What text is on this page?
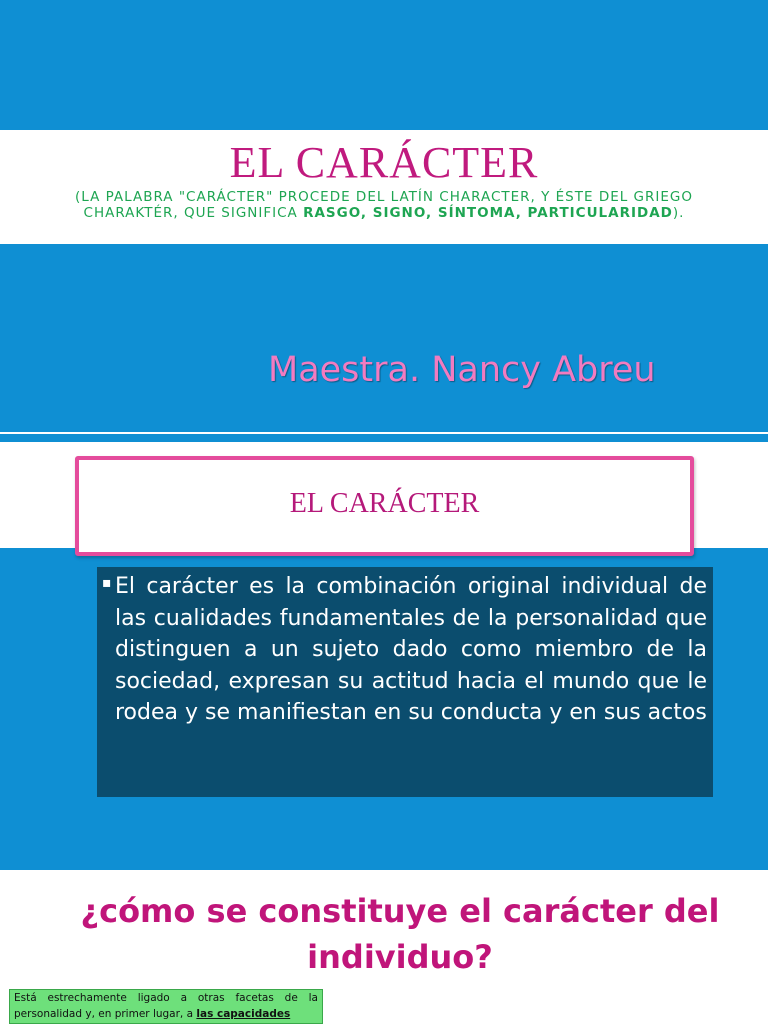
EL CARÁCTER
(LA PALABRA "CARÁCTER" PROCEDE DEL LATÍN CHARACTER, Y ÉSTE DEL GRIEGO CHARAKTÉR, QUE SIGNIFICA RASGO, SIGNO, SÍNTOMA, PARTICULARIDAD).
Maestra. Nancy Abreu
EL CARÁCTER
▪ El carácter es la combinación original individual de las cualidades fundamentales de la personalidad que distinguen a un sujeto dado como miembro de la sociedad, expresan su actitud hacia el mundo que le rodea y se manifiestan en su conducta y en sus actos
¿cómo se constituye el carácter del individuo?
Está estrechamente ligado a otras facetas de la personalidad y, en primer lugar, a las capacidades
